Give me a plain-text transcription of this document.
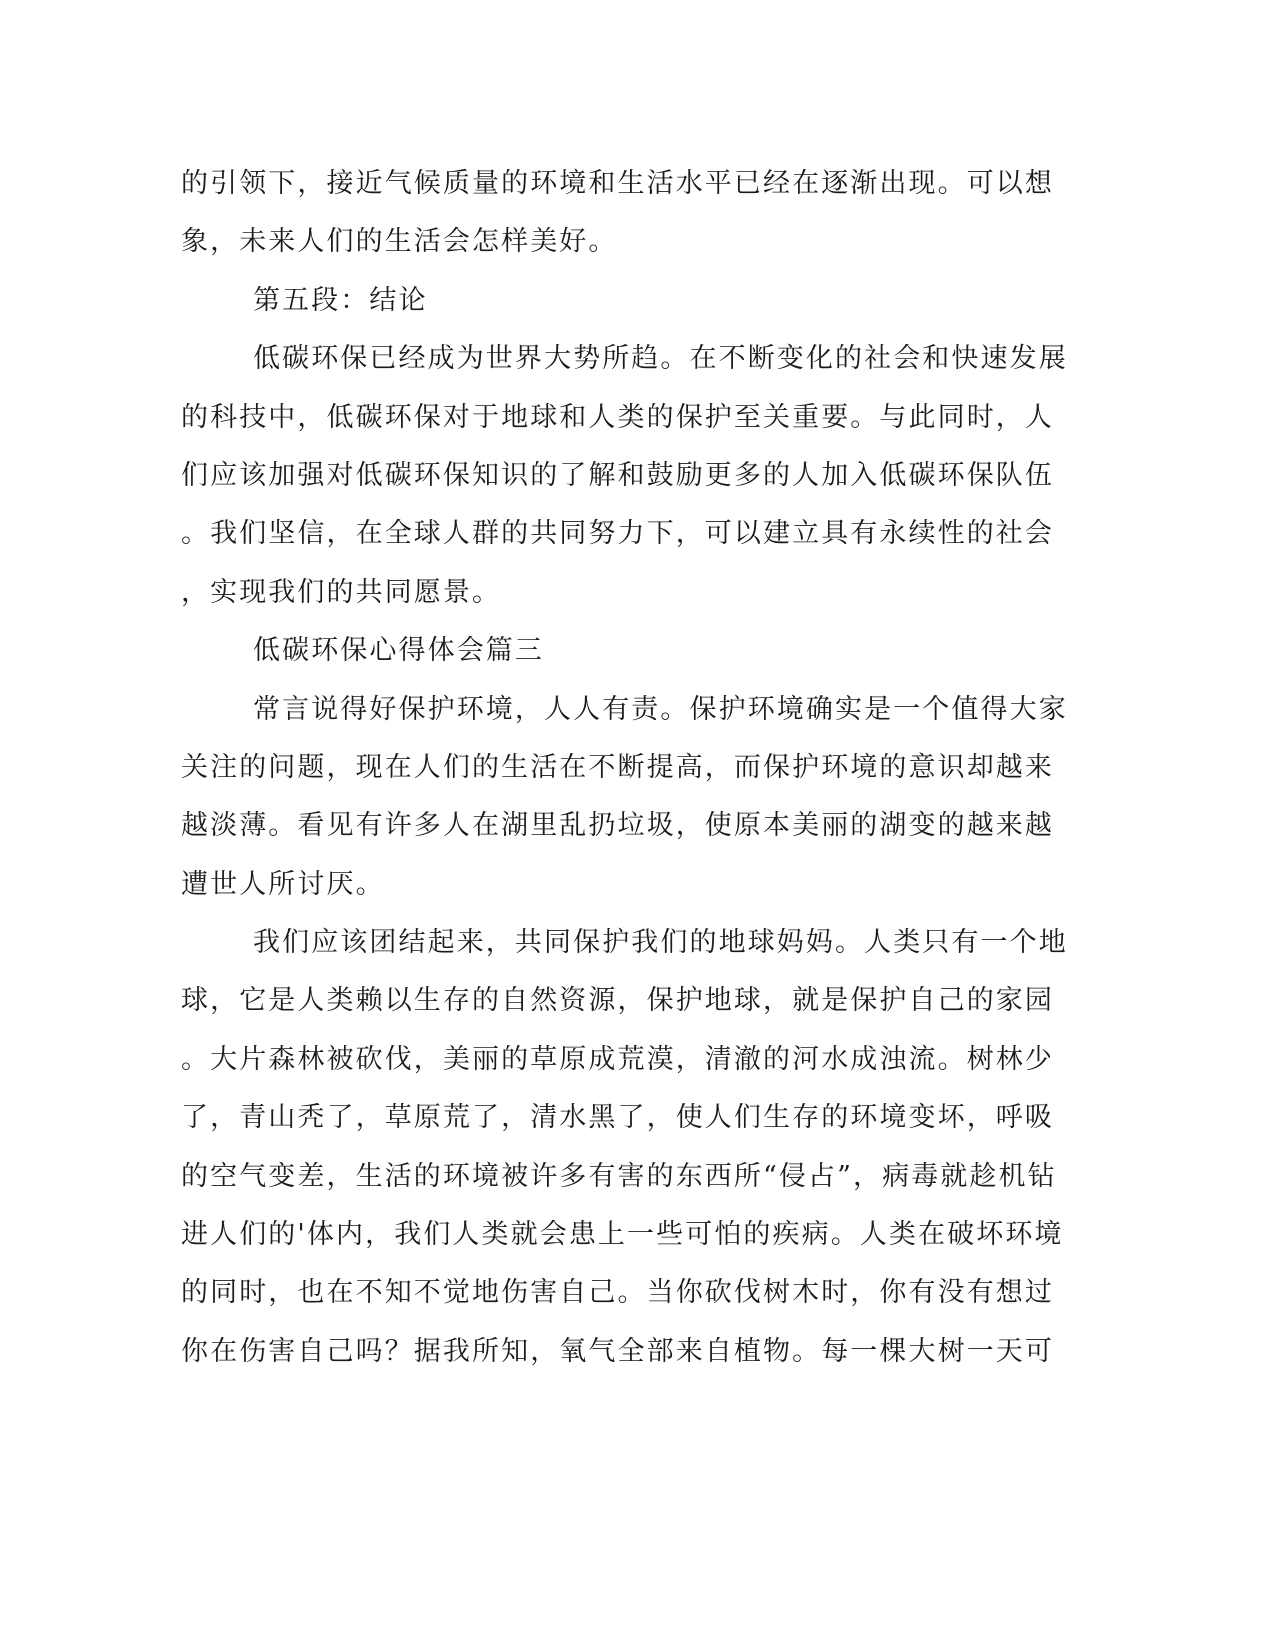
的引领下，接近气候质量的环境和生活水平已经在逐渐出现。可以想
象，未来人们的生活会怎样美好。
第五段：结论
低碳环保已经成为世界大势所趋。在不断变化的社会和快速发展
的科技中，低碳环保对于地球和人类的保护至关重要。与此同时，人
们应该加强对低碳环保知识的了解和鼓励更多的人加入低碳环保队伍
。我们坚信，在全球人群的共同努力下，可以建立具有永续性的社会
，实现我们的共同愿景。
低碳环保心得体会篇三
常言说得好保护环境，人人有责。保护环境确实是一个值得大家
关注的问题，现在人们的生活在不断提高，而保护环境的意识却越来
越淡薄。看见有许多人在湖里乱扔垃圾，使原本美丽的湖变的越来越
遭世人所讨厌。
我们应该团结起来，共同保护我们的地球妈妈。人类只有一个地
球，它是人类赖以生存的自然资源，保护地球，就是保护自己的家园
。大片森林被砍伐，美丽的草原成荒漠，清澈的河水成浊流。树林少
了，青山秃了，草原荒了，清水黑了，使人们生存的环境变坏，呼吸
的空气变差，生活的环境被许多有害的东西所“侵占”，病毒就趁机钻
进人们的'体内，我们人类就会患上一些可怕的疾病。人类在破坏环境
的同时，也在不知不觉地伤害自己。当你砍伐树木时，你有没有想过
你在伤害自己吗？据我所知，氧气全部来自植物。每一棵大树一天可
